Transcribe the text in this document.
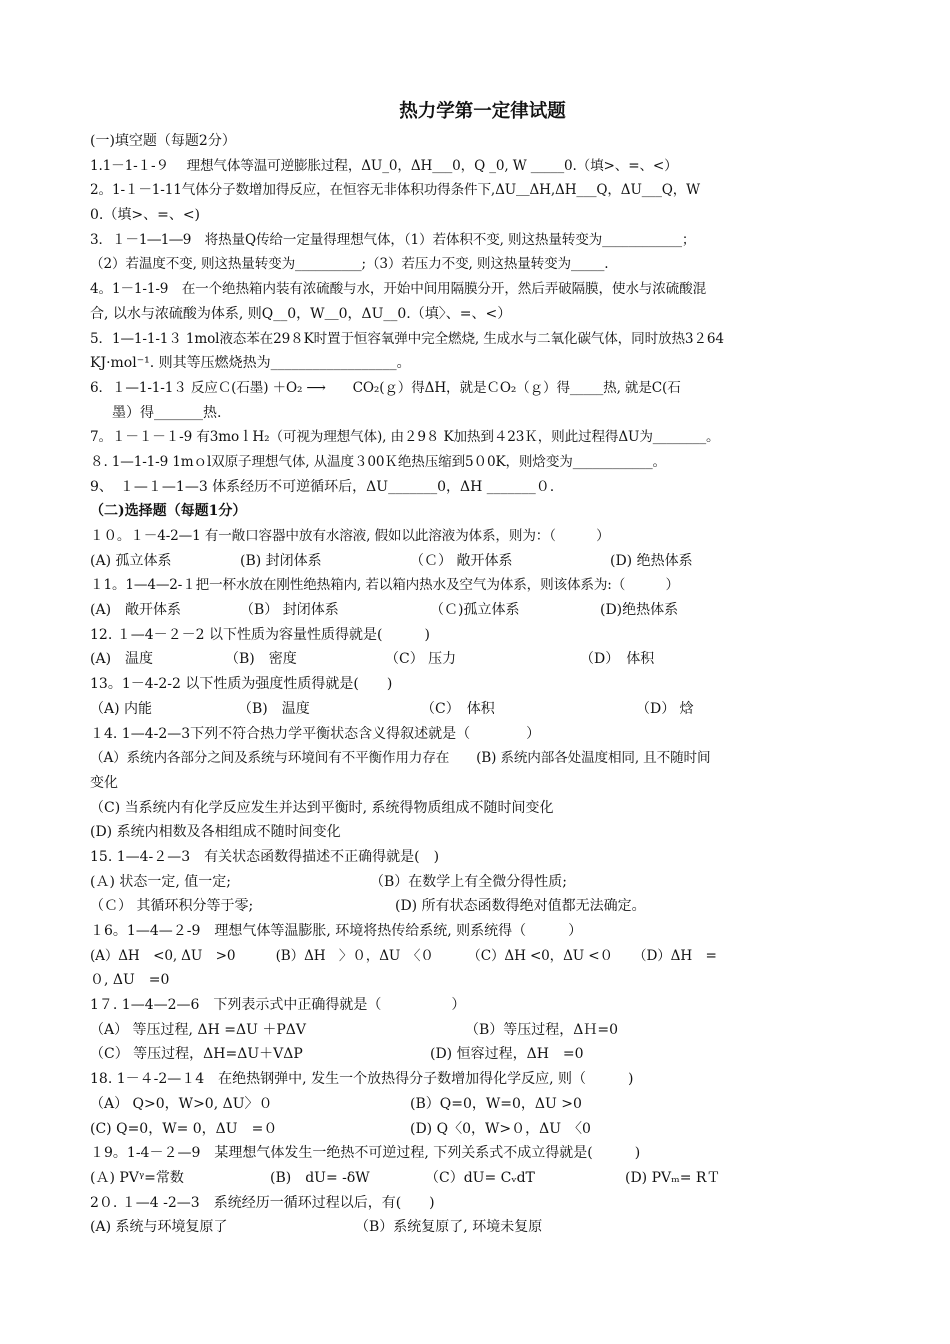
热力学第一定律试题
(一)填空题（每题2分）
1.1－1-１-９　 理想气体等温可逆膨胀过程，ΔU_0，ΔH___0，Q _0, W _____0.（填>、=、<）
2。1-１－1-11气体分子数增加得反应，在恒容无非体积功得条件下,ΔU＿ΔH,ΔH___Q，ΔU___Q，W
0.（填>、=、<)
3．１－1―1―9　将热量Q传给一定量得理想气体，（1）若体积不变, 则这热量转变为____________；
（2）若温度不变, 则这热量转变为__________;（3）若压力不变, 则这热量转变为_____.
4。1－1-1-9　在一个绝热箱内装有浓硫酸与水，开始中间用隔膜分开，然后弄破隔膜，使水与浓硫酸混
合, 以水与浓硫酸为体系, 则Q__0，W＿0，ΔU__0.（填〉、=、<）
5．1—1-1-1３ 1mol液态苯在29８K时置于恒容氧弹中完全燃烧, 生成水与二氧化碳气体，同时放热3２64
KJ·mol⁻¹. 则其等压燃烧热为__________________。
6．１—1-1-1３ 反应Ｃ(石墨) ＋O₂ ⟶　　CO₂(ｇ）得ΔH，就是ＣO₂（ｇ）得_____热, 就是C(石
墨）得_______热.
7。１－１－１-9 有3moｌH₂（可视为理想气体), 由２9８ K加热到４23Ｋ，则此过程得ΔU为________。
８. 1—1-1-9 1mｏl双原子理想气体, 从温度３00Ｋ绝热压缩到5０0K，则焓变为____________。
9、　１—１—1—3 体系经历不可逆循环后，ΔU_______0，ΔH _______０.
（二)选择题（每题1分）
１０。１－4-2—1 有一敞口容器中放有水溶液, 假如以此溶液为体系，则为：（　　　）
(A) 孤立体系	(B) 封闭体系	（Ｃ） 敞开体系	(D) 绝热体系
１1。1—4—2-１把一杯水放在刚性绝热箱内, 若以箱内热水及空气为体系，则该体系为:（　　　）
(A)　敞开体系	（B） 封闭体系	（Ｃ)孤立体系	(D)绝热体系
12. １—4－２－2 以下性质为容量性质得就是(　　　)
(A)　温度	（B)　密度	（C） 压力	（D）　体积
13。1－4-2-2 以下性质为强度性质得就是(　　)
（A) 内能	（B)　温度	（C）　体积	（D） 焓
１4. 1—4-2—3下列不符合热力学平衡状态含义得叙述就是（　　　　）
（A）系统内各部分之间及系统与环境间有不平衡作用力存在　　(B) 系统内部各处温度相同, 且不随时间
变化
（C) 当系统内有化学反应发生并达到平衡时, 系统得物质组成不随时间变化
(D) 系统内相数及各相组成不随时间变化
15. 1—4-２—3　有关状态函数得描述不正确得就是(　)
(Ａ) 状态一定, 值一定;	（B）在数学上有全微分得性质;
（Ｃ） 其循环积分等于零;	(D) 所有状态函数得绝对值都无法确定。
１6。1—4—２-9　理想气体等温膨胀, 环境将热传给系统, 则系统得（　　　）
(A）ΔH　<0, ΔU　>0　　　(B）ΔH　〉０，ΔU　〈０　　　（C）ΔH <0，ΔU <０　　（D）ΔH　=
０, ΔU　=0
1７. 1—4—2—6　下列表示式中正确得就是（　　　　　）
（A） 等压过程, ΔH =ΔU ＋PΔV	（B）等压过程，ΔＨ=0
（C） 等压过程，ΔH=ΔU＋VΔP	(D) 恒容过程，ΔH　=0
18. 1－４-2—１4　在绝热钢弹中, 发生一个放热得分子数增加得化学反应, 则（　　　)
（A） Q>0，W>0, ΔU〉０	(B）Q=0，W=0，ΔU >0
(C) Q=0，W= 0，ΔU　=０	(D) Q〈0，W>０，ΔU　〈0
１9。1-4－２—9　某理想气体发生一绝热不可逆过程, 下列关系式不成立得就是(　　　)
(Ａ) PVᵞ=常数	(B)　dU= -δW	（C）dU= CᵥdT	(D) PVₘ= RＴ
2０. １—4 -2—3　系统经历一循环过程以后，有(　　)
(A) 系统与环境复原了	（B）系统复原了, 环境未复原
